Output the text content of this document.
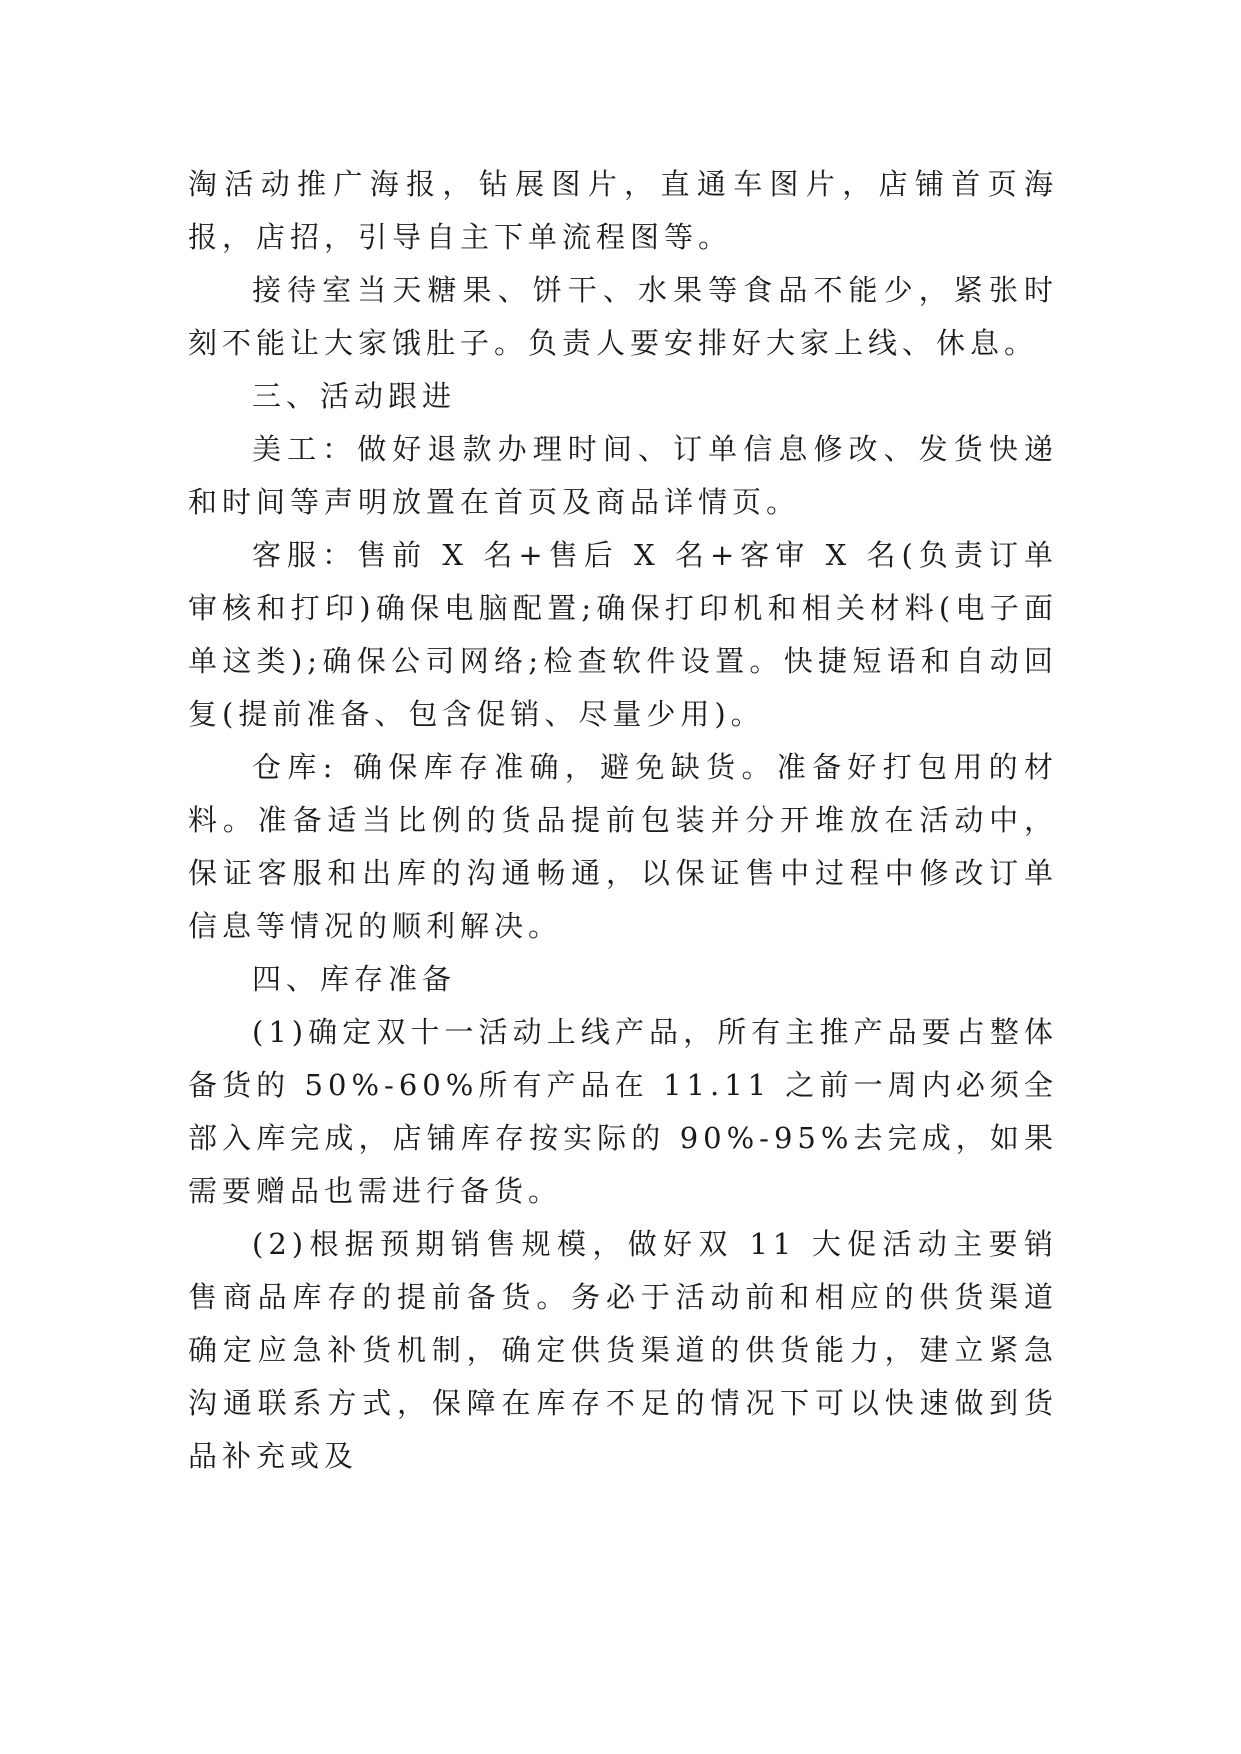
淘活动推广海报，钻展图片，直通车图片，店铺首页海报，店招，引导自主下单流程图等。

接待室当天糖果、饼干、水果等食品不能少，紧张时刻不能让大家饿肚子。负责人要安排好大家上线、休息。

三、活动跟进

美工：做好退款办理时间、订单信息修改、发货快递和时间等声明放置在首页及商品详情页。

客服：售前 X 名+售后 X 名+客审 X 名(负责订单审核和打印)确保电脑配置;确保打印机和相关材料(电子面单这类);确保公司网络;检查软件设置。快捷短语和自动回复(提前准备、包含促销、尽量少用)。

仓库: 确保库存准确，避免缺货。准备好打包用的材料。准备适当比例的货品提前包装并分开堆放在活动中，保证客服和出库的沟通畅通，以保证售中过程中修改订单信息等情况的顺利解决。

四、库存准备

(1)确定双十一活动上线产品，所有主推产品要占整体备货的 50%-60%所有产品在 11.11 之前一周内必须全部入库完成，店铺库存按实际的 90%-95%去完成，如果需要赠品也需进行备货。

(2)根据预期销售规模，做好双 11 大促活动主要销售商品库存的提前备货。务必于活动前和相应的供货渠道确定应急补货机制，确定供货渠道的供货能力，建立紧急沟通联系方式，保障在库存不足的情况下可以快速做到货品补充或及
